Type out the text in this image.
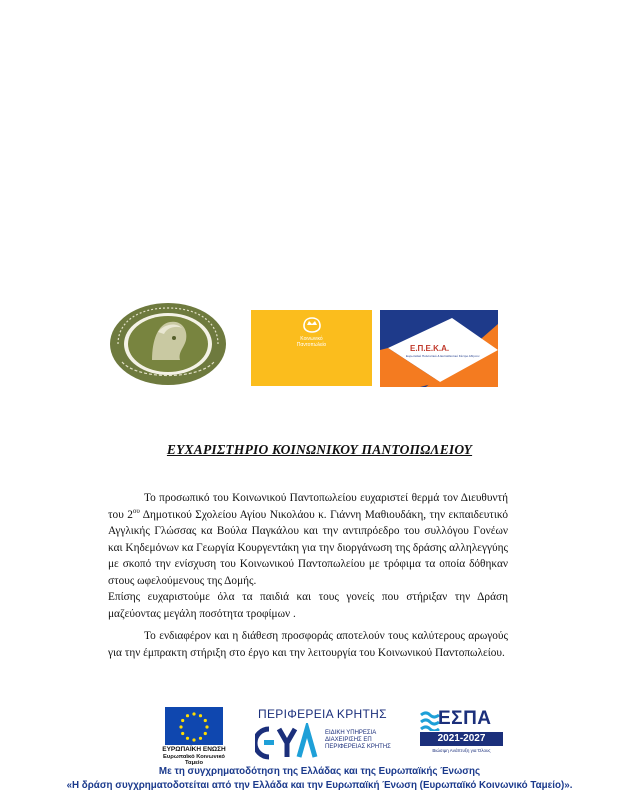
Κοινωνικό
Παντοπωλείο	Ε.Π.Ε.Κ.Α.
Ευρωπαϊκό Πολιτιστικό & Εκπαιδευτικό Κέντρο Αθηνών
ΕΥΧΑΡΙΣΤΗΡΙΟ ΚΟΙΝΩΝΙΚΟΥ ΠΑΝΤΟΠΩΛΕΙΟΥ
Το προσωπικό του Κοινωνικού Παντοπωλείου ευχαριστεί θερμά τον Διευθυντή του $2^{o\upsilon}$ Δημοτικού Σχολείου Αγίου Νικολάου κ. Γιάννη Μαθιουδάκη, την εκπαιδευτικό Αγγλικής Γλώσσας κα Βούλα Παγκάλου και την αντιπρόεδρο του συλλόγου Γονέων και Κηδεμόνων κα Γεωργία Κουργεντάκη για την διοργάνωση της δράσης αλληλεγγύης με σκοπό την ενίσχυση του Κοινωνικού Παντοπωλείου με τρόφιμα τα οποία δόθηκαν στους ωφελούμενους της Δομής.
Επίσης ευχαριστούμε όλα τα παιδιά και τους γονείς που στήριξαν την Δράση μαζεύοντας μεγάλη ποσότητα τροφίμων .
Το ενδιαφέρον και η διάθεση προσφοράς αποτελούν τους καλύτερους αρωγούς για την έμπρακτη στήριξη στο έργο και την λειτουργία του Κοινωνικού Παντοπωλείου.
ΕΥΡΩΠΑΪΚΗ ΕΝΩΣΗ
Ευρωπαϊκό Κοινωνικό Ταμείο
ΠΕΡΙΦΕΡΕΙΑ ΚΡΗΤΗΣ
ΕΙΔΙΚΗ ΥΠΗΡΕΣΙΑ
ΔΙΑΧΕΙΡΙΣΗΣ ΕΠ
ΠΕΡΙΦΕΡΕΙΑΣ ΚΡΗΤΗΣ
ΕΣΠΑ
2021-2027
Βιώσιμη Ανάπτυξη για Όλους
Με τη συγχρηματοδότηση της Ελλάδας και της Ευρωπαϊκής Ένωσης
«Η δράση συγχρηματοδοτείται από την Ελλάδα και την Ευρωπαϊκή Ένωση (Ευρωπαϊκό Κοινωνικό Ταμείο)».
